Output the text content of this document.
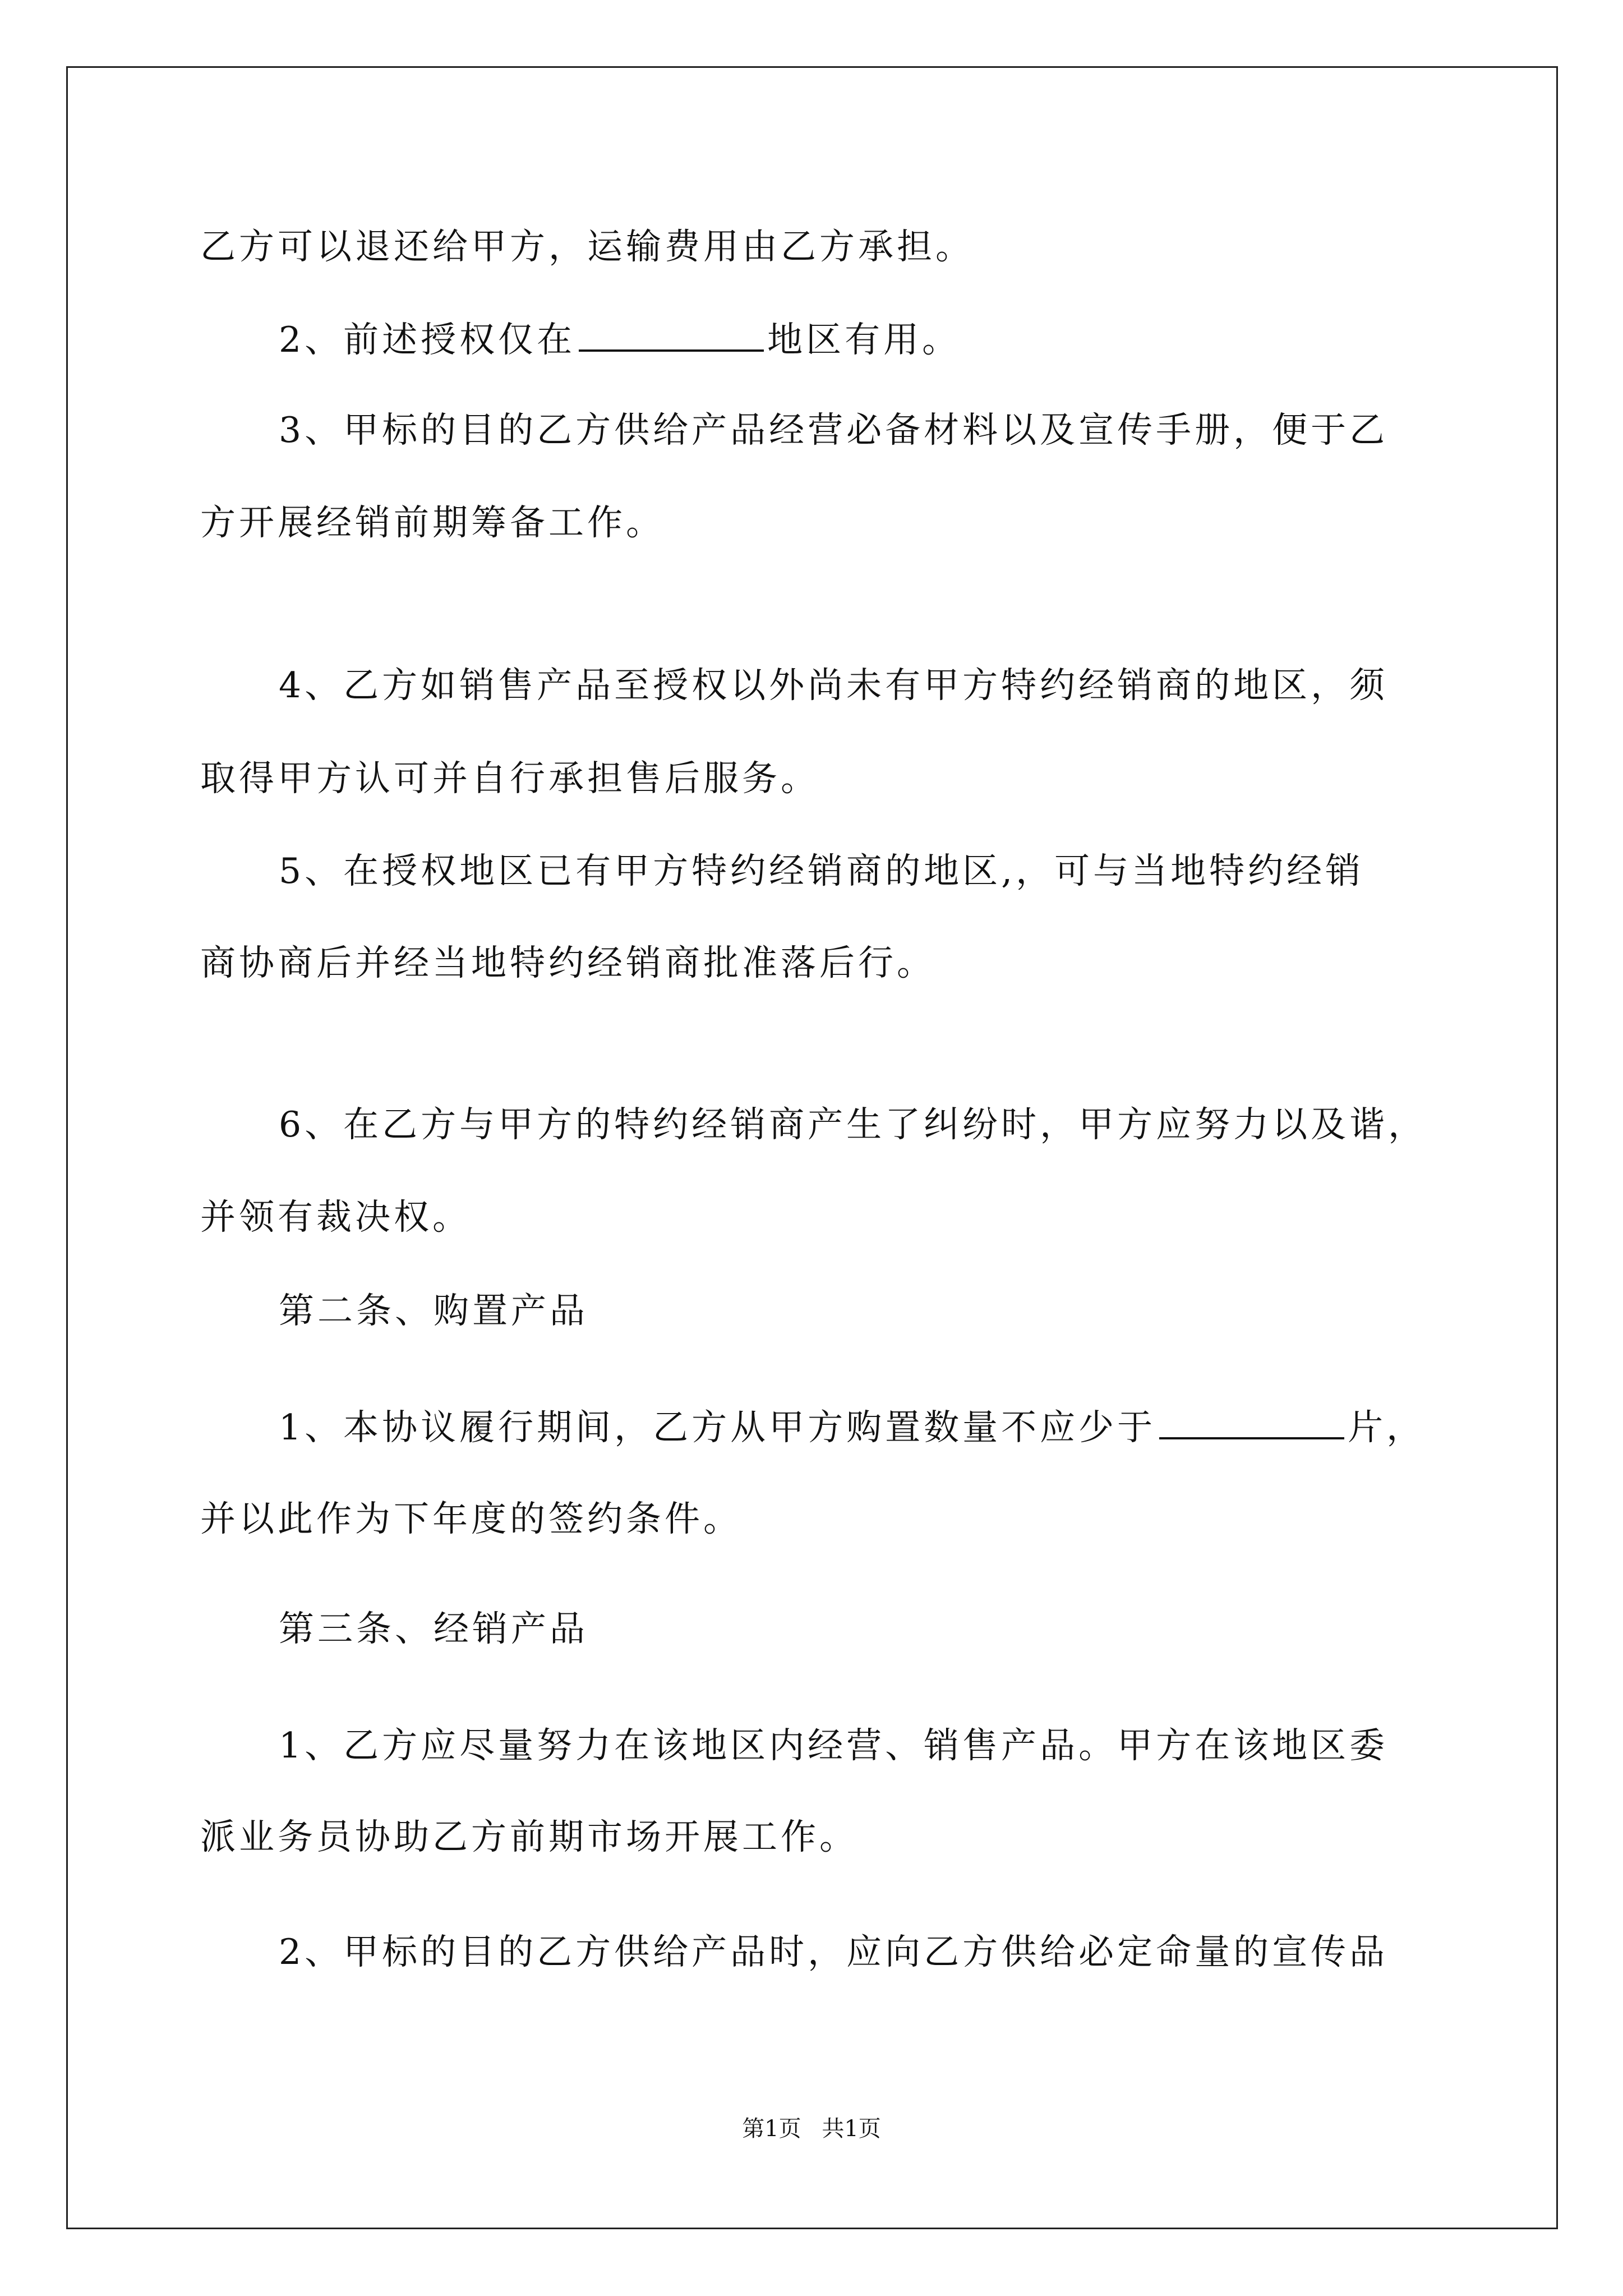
乙方可以退还给甲方，运输费用由乙方承担。
2、前述授权仅在	地区有用。
3、甲标的目的乙方供给产品经营必备材料以及宣传手册，便于乙
方开展经销前期筹备工作。
4、乙方如销售产品至授权以外尚未有甲方特约经销商的地区，须
取得甲方认可并自行承担售后服务。
5、在授权地区已有甲方特约经销商的地区,，可与当地特约经销
商协商后并经当地特约经销商批准落后行。
6、在乙方与甲方的特约经销商产生了纠纷时，甲方应努力以及谐，
并领有裁决权。
第二条、购置产品
1、本协议履行期间，乙方从甲方购置数量不应少于	片，
并以此作为下年度的签约条件。
第三条、经销产品
1、乙方应尽量努力在该地区内经营、销售产品。甲方在该地区委
派业务员协助乙方前期市场开展工作。
2、甲标的目的乙方供给产品时，应向乙方供给必定命量的宣传品
第1页 共1页
